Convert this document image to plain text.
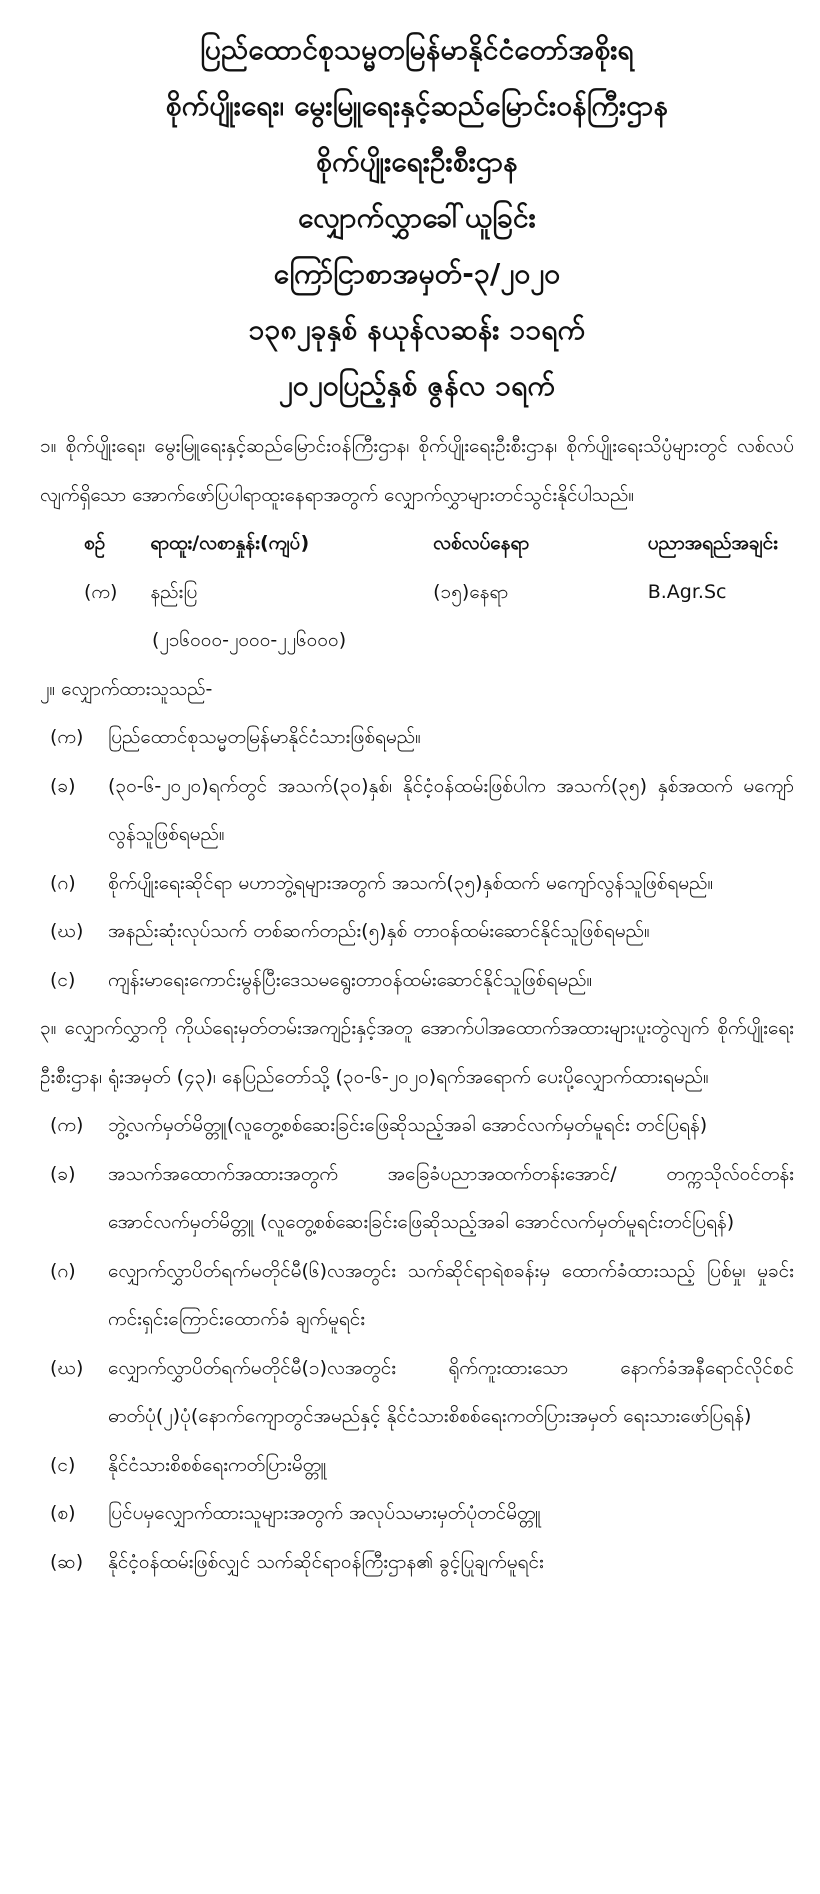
ပြည်ထောင်စုသမ္မတမြန်မာနိုင်ငံတော်အစိုးရ
စိုက်ပျိုးရေး၊ မွေးမြူရေးနှင့်ဆည်မြောင်းဝန်ကြီးဌာန
စိုက်ပျိုးရေးဦးစီးဌာန
လျှောက်လွှာခေါ်ယူခြင်း
ကြော်ငြာစာအမှတ်-၃/၂၀၂၀
၁၃၈၂ခုနှစ် နယုန်လဆန်း ၁၁ရက်
၂၀၂၀ပြည့်နှစ် ဇွန်လ ၁ရက်
၁။ စိုက်ပျိုးရေး၊ မွေးမြူရေးနှင့်ဆည်မြောင်းဝန်ကြီးဌာန၊ စိုက်ပျိုးရေးဦးစီးဌာန၊ စိုက်ပျိုးရေးသိပ္ပံများတွင် လစ်လပ်လျက်ရှိသော အောက်ဖော်ပြပါရာထူးနေရာအတွက် လျှောက်လွှာများတင်သွင်းနိုင်ပါသည်။
စဉ်	ရာထူး/လစာနှုန်း(ကျပ်)	လစ်လပ်နေရာ	ပညာအရည်အချင်း
(က)	နည်းပြ	(၁၅)နေရာ	B.Agr.Sc
(၂၁၆၀၀၀-၂၀၀၀-၂၂၆၀၀၀)
၂။ လျှောက်ထားသူသည်-
(က)	ပြည်ထောင်စုသမ္မတမြန်မာနိုင်ငံသားဖြစ်ရမည်။
(ခ)	(၃၀-၆-၂၀၂၀)ရက်တွင် အသက်(၃၀)နှစ်၊ နိုင်ငံ့ဝန်ထမ်းဖြစ်ပါက အသက်(၃၅) နှစ်အထက် မကျော်လွန်သူဖြစ်ရမည်။
(ဂ)	စိုက်ပျိုးရေးဆိုင်ရာ မဟာဘွဲ့ရများအတွက် အသက်(၃၅)နှစ်ထက် မကျော်လွန်သူဖြစ်ရမည်။
(ဃ)	အနည်းဆုံးလုပ်သက် တစ်ဆက်တည်း(၅)နှစ် တာဝန်ထမ်းဆောင်နိုင်သူဖြစ်ရမည်။
(င)	ကျန်းမာရေးကောင်းမွန်ပြီးဒေသမရွေးတာဝန်ထမ်းဆောင်နိုင်သူဖြစ်ရမည်။
၃။ လျှောက်လွှာကို ကိုယ်ရေးမှတ်တမ်းအကျဉ်းနှင့်အတူ အောက်ပါအထောက်အထားများပူးတွဲလျက် စိုက်ပျိုးရေးဦးစီးဌာန၊ ရုံးအမှတ် (၄၃)၊ နေပြည်တော်သို့ (၃၀-၆-၂၀၂၀)ရက်အရောက် ပေးပို့လျှောက်ထားရမည်။
(က)	ဘွဲ့လက်မှတ်မိတ္တူ(လူတွေ့စစ်ဆေးခြင်းဖြေဆိုသည့်အခါ အောင်လက်မှတ်မူရင်း တင်ပြရန်)
(ခ)	အသက်အထောက်အထားအတွက် အခြေခံပညာအထက်တန်းအောင်/ တက္ကသိုလ်ဝင်တန်းအောင်လက်မှတ်မိတ္တူ (လူတွေ့စစ်ဆေးခြင်းဖြေဆိုသည့်အခါ အောင်လက်မှတ်မူရင်းတင်ပြရန်)
(ဂ)	လျှောက်လွှာပိတ်ရက်မတိုင်မီ(၆)လအတွင်း သက်ဆိုင်ရာရဲစခန်းမှ ထောက်ခံထားသည့် ပြစ်မှု၊ မှုခင်းကင်းရှင်းကြောင်းထောက်ခံ ချက်မူရင်း
(ဃ)	လျှောက်လွှာပိတ်ရက်မတိုင်မီ(၁)လအတွင်း ရိုက်ကူးထားသော နောက်ခံအနီရောင်လိုင်စင်ဓာတ်ပုံ(၂)ပုံ(နောက်ကျောတွင်အမည်နှင့် နိုင်ငံသားစိစစ်ရေးကတ်ပြားအမှတ် ရေးသားဖော်ပြရန်)
(င)	နိုင်ငံသားစိစစ်ရေးကတ်ပြားမိတ္တူ
(စ)	ပြင်ပမှလျှောက်ထားသူများအတွက် အလုပ်သမားမှတ်ပုံတင်မိတ္တူ
(ဆ)	နိုင်ငံ့ဝန်ထမ်းဖြစ်လျှင် သက်ဆိုင်ရာဝန်ကြီးဌာန၏ ခွင့်ပြုချက်မူရင်း
